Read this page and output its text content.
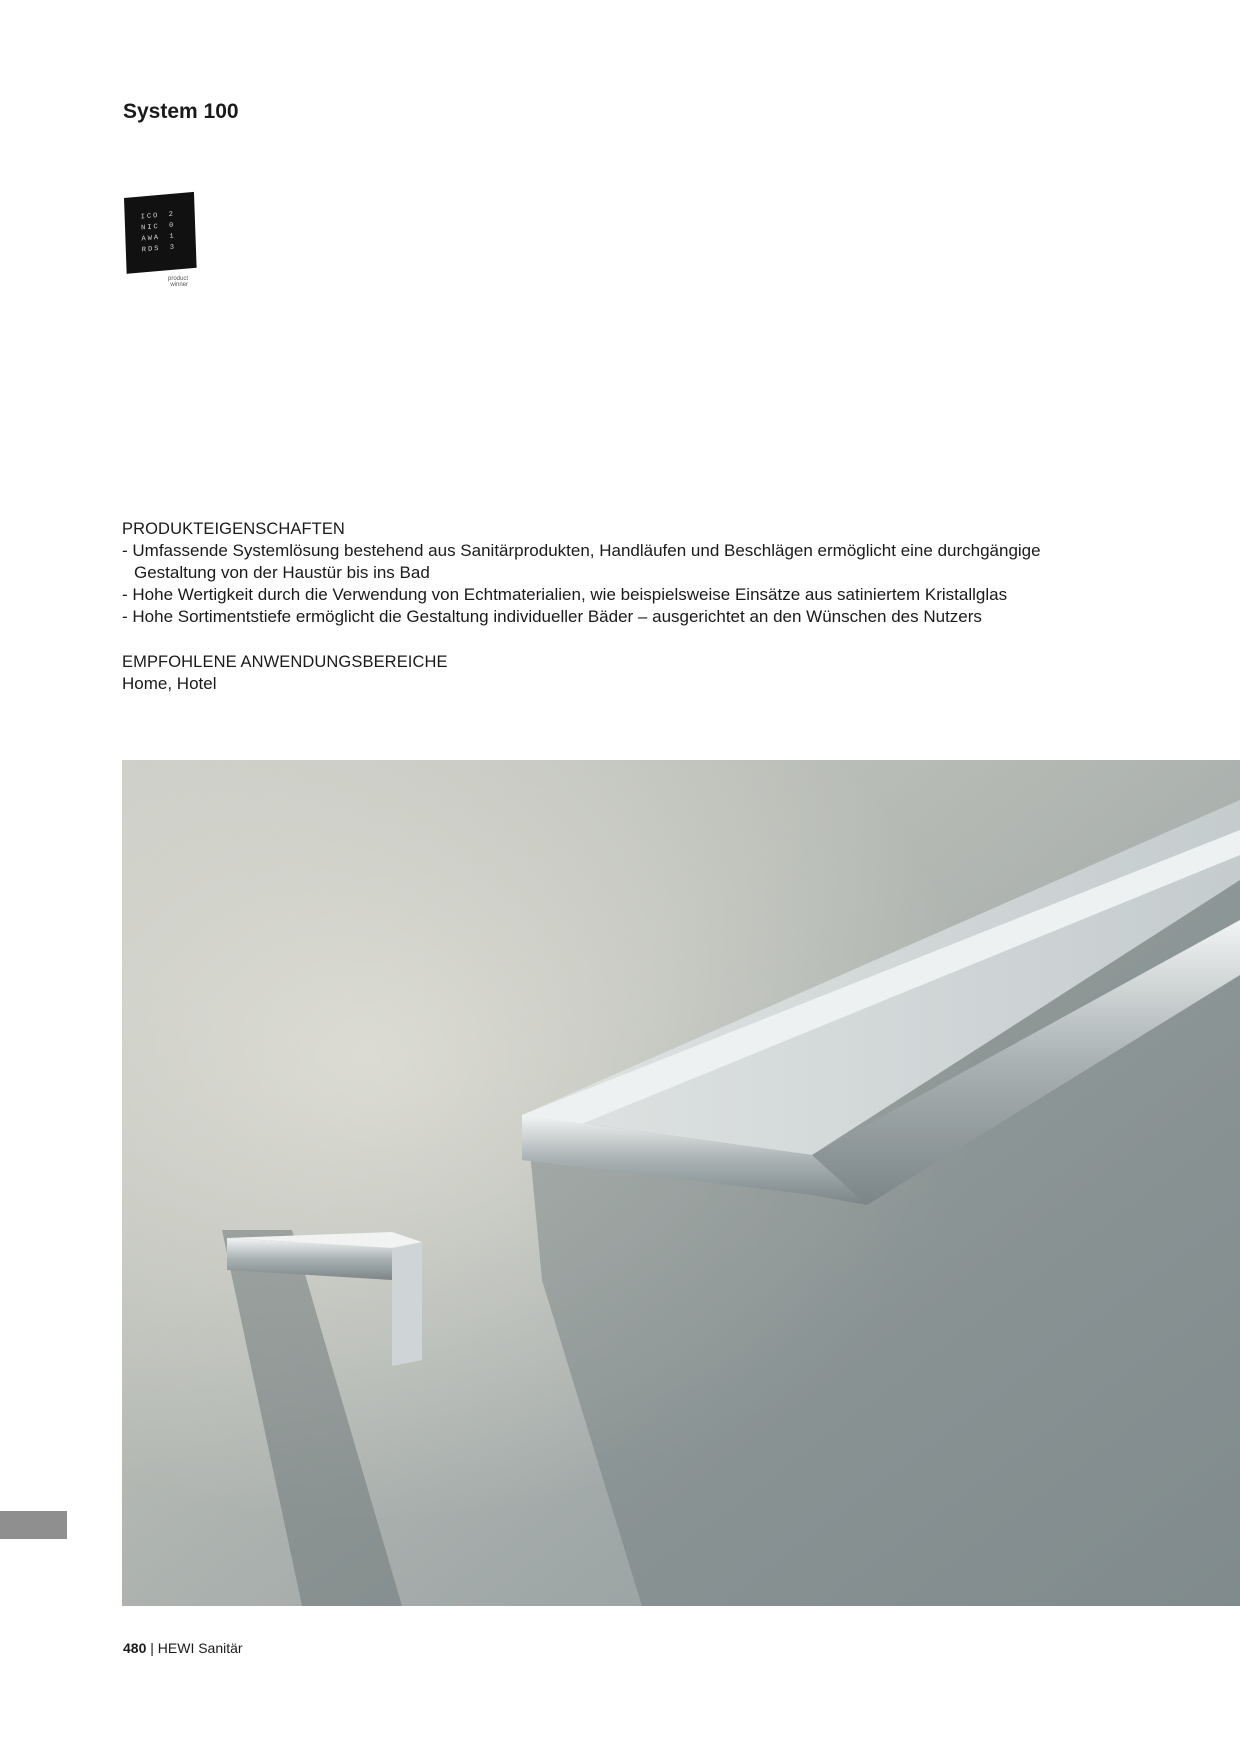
System 100
ICO	2
NIC	0
AWA	1
RDS	3
product
winner
PRODUKTEIGENSCHAFTEN
- Umfassende Systemlösung bestehend aus Sanitärprodukten, Handläufen und Beschlägen ermöglicht eine durchgängige Gestaltung von der Haustür bis ins Bad
- Hohe Wertigkeit durch die Verwendung von Echtmaterialien, wie beispielsweise Einsätze aus satiniertem Kristallglas
- Hohe Sortimentstiefe ermöglicht die Gestaltung individueller Bäder – ausgerichtet an den Wünschen des Nutzers
EMPFOHLENE ANWENDUNGSBEREICHE
Home, Hotel
480 | HEWI Sanitär
